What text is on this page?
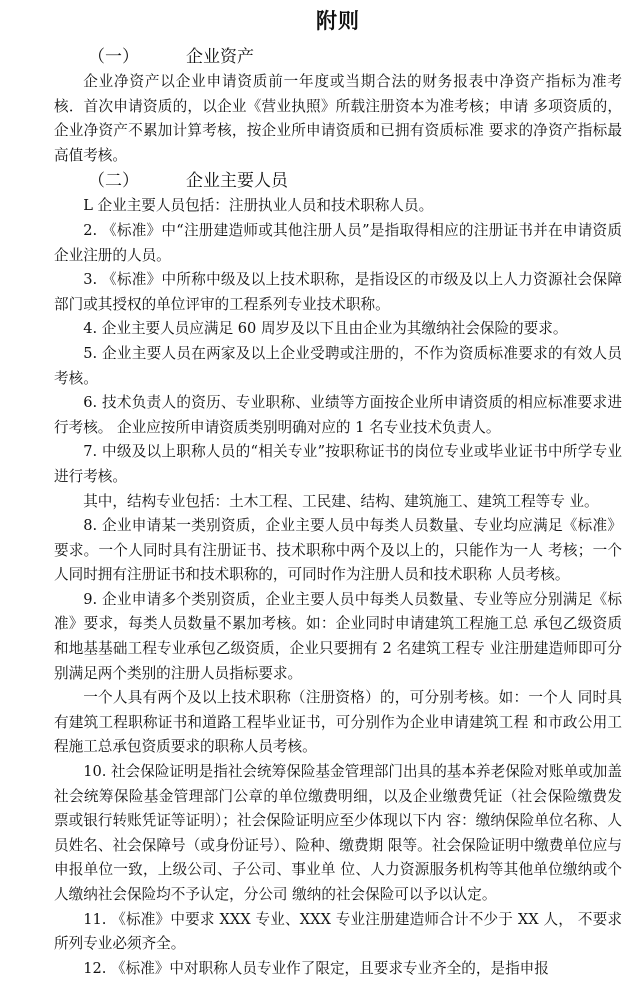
附则
（一）	企业资产

企业净资产以企业申请资质前一年度或当期合法的财务报表中净资产指标为准考核．首次申请资质的，以企业《营业执照》所载注册资本为准考核；申请 多项资质的，企业净资产不累加计算考核，按企业所申请资质和已拥有资质标准 要求的净资产指标最高值考核。

（二）	企业主要人员

L 企业主要人员包括：注册执业人员和技术职称人员。

2. 《标准》中“注册建造师或其他注册人员”是指取得相应的注册证书并在申请资质企业注册的人员。

3. 《标准》中所称中级及以上技术职称，是指设区的市级及以上人力资源社会保障部门或其授权的单位评审的工程系列专业技术职称。

4. 企业主要人员应满足 60 周岁及以下且由企业为其缴纳社会保险的要求。

5. 企业主要人员在两家及以上企业受聘或注册的，不作为资质标准要求的有效人员考核。

6. 技术负责人的资历、专业职称、业绩等方面按企业所申请资质的相应标准要求进行考核。 企业应按所申请资质类别明确对应的 1 名专业技术负责人。

7. 中级及以上职称人员的“相关专业”按职称证书的岗位专业或毕业证书中所学专业进行考核。

其中，结构专业包括：土木工程、工民建、结构、建筑施工、建筑工程等专 业。

8. 企业申请某一类别资质，企业主要人员中每类人员数量、专业均应满足《标准》要求。一个人同时具有注册证书、技术职称中两个及以上的，只能作为一人 考核；一个人同时拥有注册证书和技术职称的，可同时作为注册人员和技术职称 人员考核。

9. 企业申请多个类别资质，企业主要人员中每类人员数量、专业等应分别满足《标准》要求，每类人员数量不累加考核。如：企业同时申请建筑工程施工总 承包乙级资质和地基基础工程专业承包乙级资质，企业只要拥有 2 名建筑工程专 业注册建造师即可分别满足两个类别的注册人员指标要求。

一个人具有两个及以上技术职称（注册资格）的，可分别考核。如：一个人 同时具有建筑工程职称证书和道路工程毕业证书，可分别作为企业申请建筑工程 和市政公用工程施工总承包资质要求的职称人员考核。

10. 社会保险证明是指社会统筹保险基金管理部门出具的基本养老保险对账单或加盖社会统筹保险基金管理部门公章的单位缴费明细，以及企业缴费凭证（社会保险缴费发票或银行转账凭证等证明）；社会保险证明应至少体现以下内 容：缴纳保险单位名称、人员姓名、社会保障号（或身份证号）、险种、缴费期 限等。社会保险证明中缴费单位应与申报单位一致，上级公司、子公司、事业单 位、人力资源服务机构等其他单位缴纳或个人缴纳社会保险均不予认定，分公司 缴纳的社会保险可以予以认定。

11. 《标准》中要求 XXX 专业、XXX 专业注册建造师合计不少于 XX 人， 不要求所列专业必须齐全。

12. 《标准》中对职称人员专业作了限定，且要求专业齐全的，是指申报
